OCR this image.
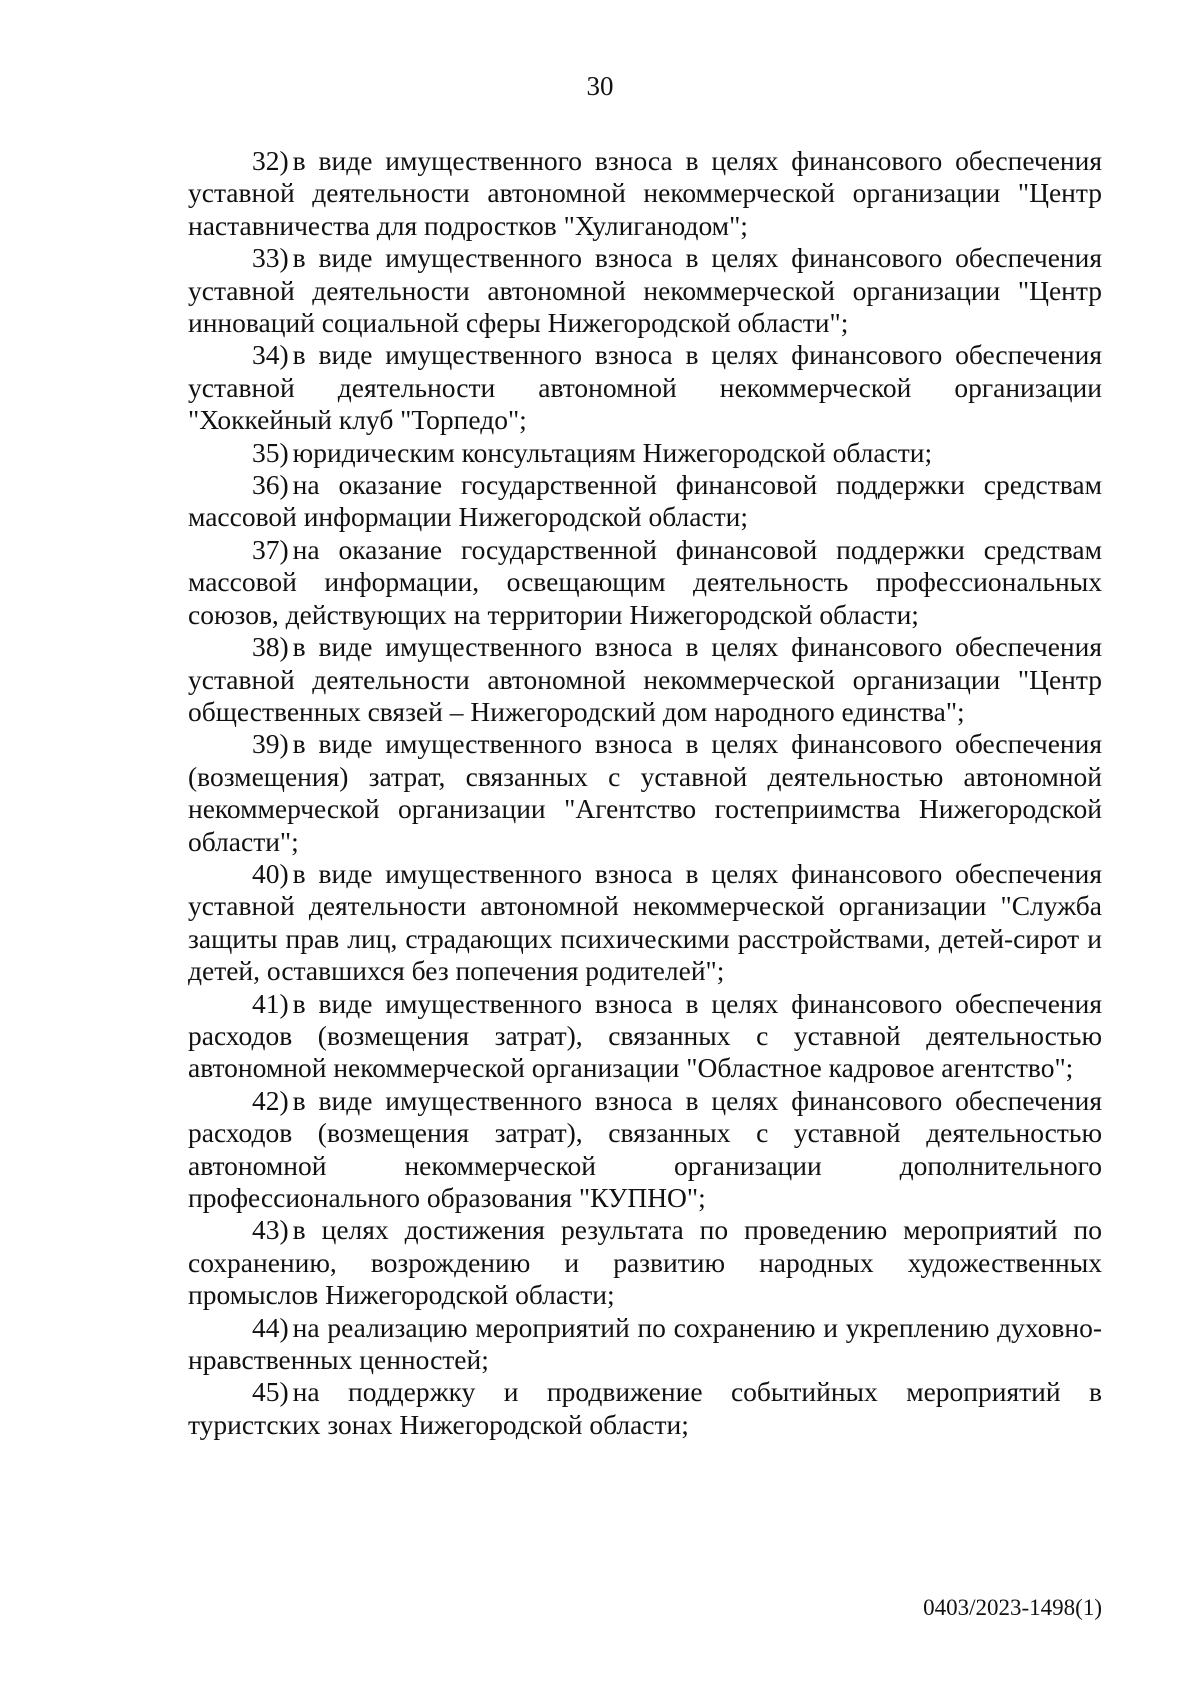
30

32) в виде имущественного взноса в целях финансового обеспечения уставной деятельности автономной некоммерческой организации "Центр наставничества для подростков "Хулиганодом";

33) в виде имущественного взноса в целях финансового обеспечения уставной деятельности автономной некоммерческой организации "Центр инноваций социальной сферы Нижегородской области";

34) в виде имущественного взноса в целях финансового обеспечения уставной деятельности автономной некоммерческой организации "Хоккейный клуб "Торпедо";

35) юридическим консультациям Нижегородской области;

36) на оказание государственной финансовой поддержки средствам массовой информации Нижегородской области;

37) на оказание государственной финансовой поддержки средствам массовой информации, освещающим деятельность профессиональных союзов, действующих на территории Нижегородской области;

38) в виде имущественного взноса в целях финансового обеспечения уставной деятельности автономной некоммерческой организации "Центр общественных связей – Нижегородский дом народного единства";

39) в виде имущественного взноса в целях финансового обеспечения (возмещения) затрат, связанных с уставной деятельностью автономной некоммерческой организации "Агентство гостеприимства Нижегородской области";

40) в виде имущественного взноса в целях финансового обеспечения уставной деятельности автономной некоммерческой организации "Служба защиты прав лиц, страдающих психическими расстройствами, детей-сирот и детей, оставшихся без попечения родителей";

41) в виде имущественного взноса в целях финансового обеспечения расходов (возмещения затрат), связанных с уставной деятельностью автономной некоммерческой организации "Областное кадровое агентство";

42) в виде имущественного взноса в целях финансового обеспечения расходов (возмещения затрат), связанных с уставной деятельностью автономной некоммерческой организации дополнительного профессионального образования "КУПНО";

43) в целях достижения результата по проведению мероприятий по сохранению, возрождению и развитию народных художественных промыслов Нижегородской области;

44) на реализацию мероприятий по сохранению и укреплению духовно-нравственных ценностей;

45) на поддержку и продвижение событийных мероприятий в туристских зонах Нижегородской области;

0403/2023-1498(1)
